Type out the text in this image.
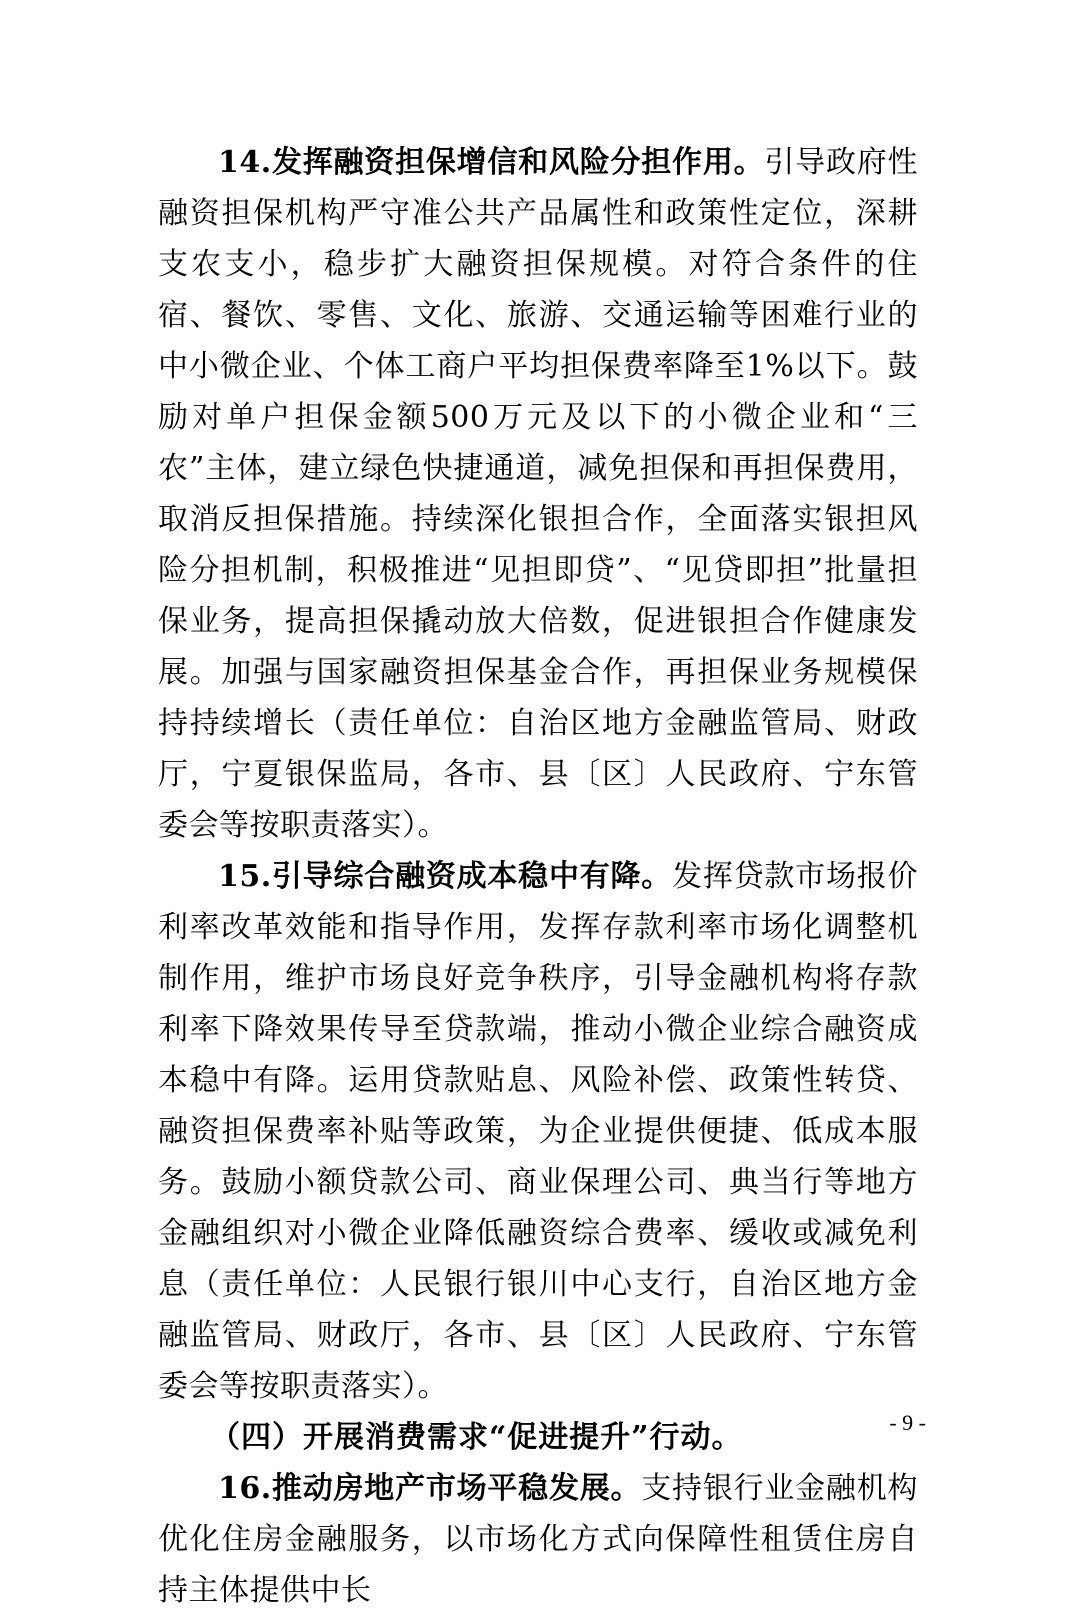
14.发挥融资担保增信和风险分担作用。引导政府性融资担保机构严守准公共产品属性和政策性定位，深耕支农支小，稳步扩大融资担保规模。对符合条件的住宿、餐饮、零售、文化、旅游、交通运输等困难行业的中小微企业、个体工商户平均担保费率降至1%以下。鼓励对单户担保金额500万元及以下的小微企业和“三农”主体，建立绿色快捷通道，减免担保和再担保费用，取消反担保措施。持续深化银担合作，全面落实银担风险分担机制，积极推进“见担即贷”、“见贷即担”批量担保业务，提高担保撬动放大倍数，促进银担合作健康发展。加强与国家融资担保基金合作，再担保业务规模保持持续增长（责任单位：自治区地方金融监管局、财政厅，宁夏银保监局，各市、县〔区〕人民政府、宁东管委会等按职责落实）。

15.引导综合融资成本稳中有降。发挥贷款市场报价利率改革效能和指导作用，发挥存款利率市场化调整机制作用，维护市场良好竞争秩序，引导金融机构将存款利率下降效果传导至贷款端，推动小微企业综合融资成本稳中有降。运用贷款贴息、风险补偿、政策性转贷、融资担保费率补贴等政策，为企业提供便捷、低成本服务。鼓励小额贷款公司、商业保理公司、典当行等地方金融组织对小微企业降低融资综合费率、缓收或减免利息（责任单位：人民银行银川中心支行，自治区地方金融监管局、财政厅，各市、县〔区〕人民政府、宁东管委会等按职责落实）。

（四）开展消费需求“促进提升”行动。

16.推动房地产市场平稳发展。支持银行业金融机构优化住房金融服务，以市场化方式向保障性租赁住房自持主体提供中长

- 9 -
